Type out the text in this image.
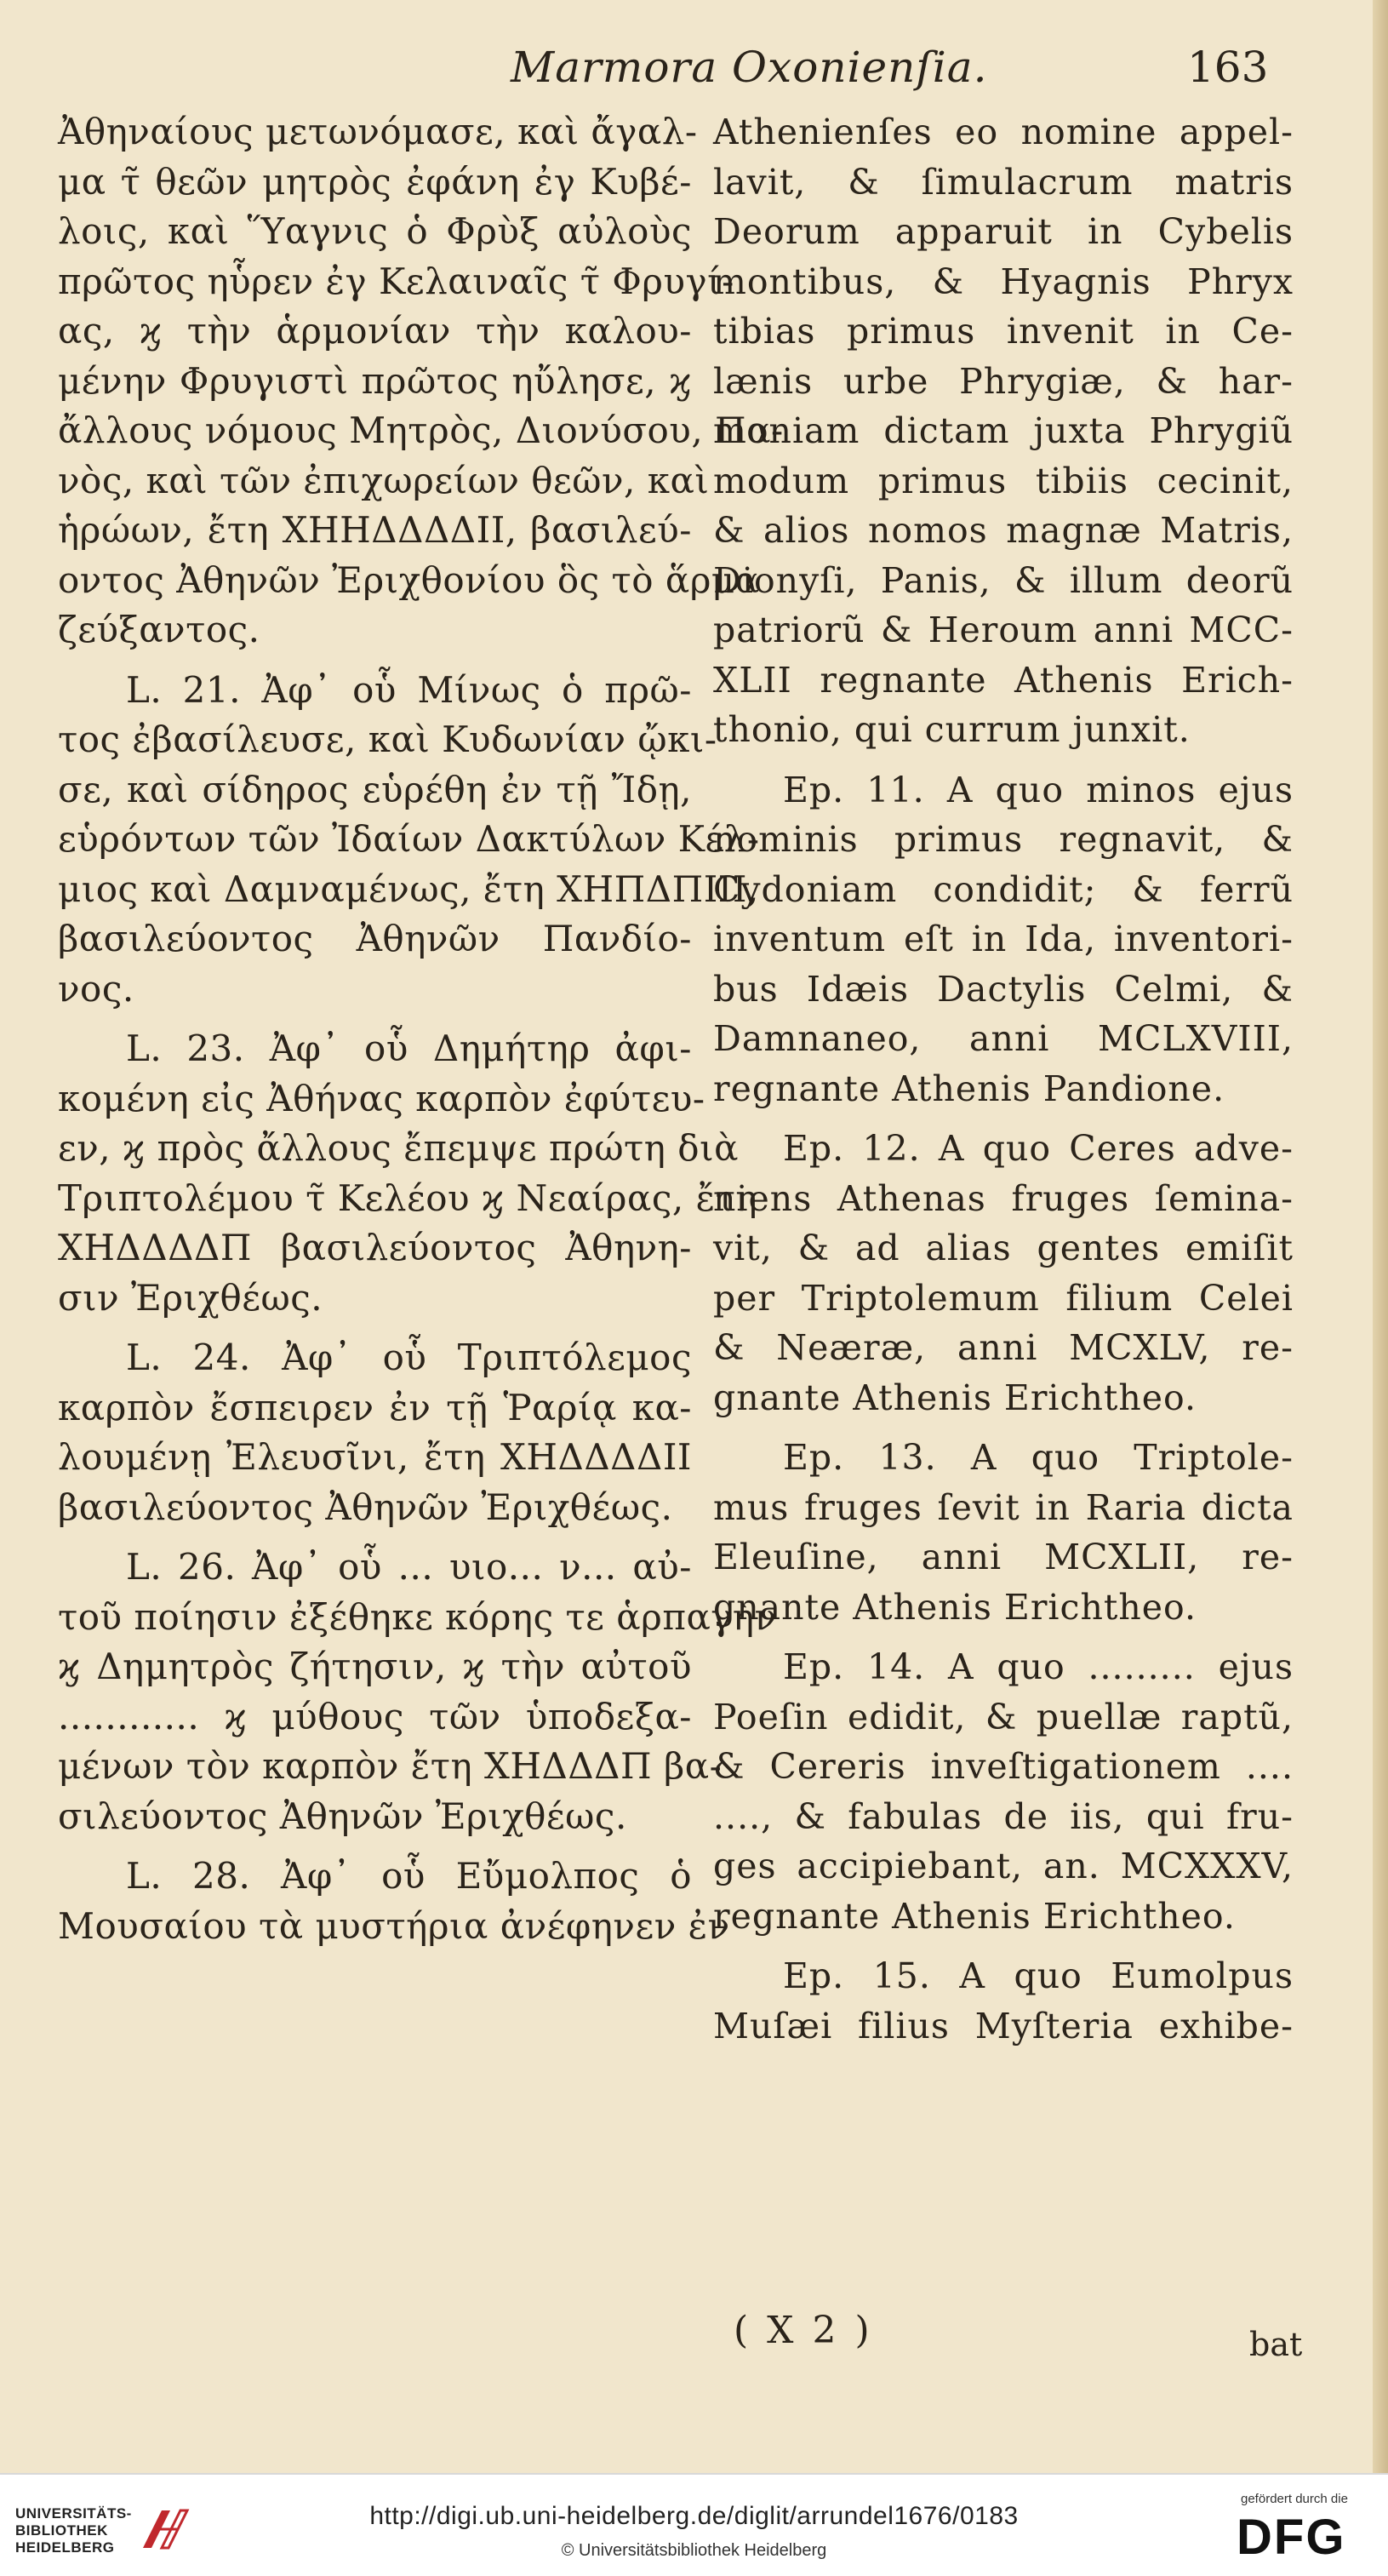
Marmora Oxonienſia.	163
Ἀθηναίους μετωνόμασε, καὶ ἄγαλ-
μα τ̃ θεῶν μητρὸς ἐφάνη ἐγ Κυβέ-
λοις, καὶ Ὕαγνις ὁ Φρὺξ αὐλοὺς
πρῶτος ηὗρεν ἐγ Κελαιναῖς τ̃ Φρυγί-
ας, ϗ τὴν ἁρμονίαν τὴν καλου-
μένην Φρυγιστὶ πρῶτος ηὔλησε, ϗ
ἄλλους νόμους Μητρὸς, Διονύσου, Πα-
νὸς, καὶ τῶν ἐπιχωρείων θεῶν, καὶ
ἡρώων, ἔτη ΧΗΗΔΔΔΔΙΙ, βασιλεύ-
οντος Ἀθηνῶν Ἐριχθονίου ὃς τὸ ἅρμα
ζεύξαντος.
L. 21. Ἀφ᾽ οὗ Μίνως ὁ πρῶ-
τος ἐβασίλευσε, καὶ Κυδωνίαν ᾤκι-
σε, καὶ σίδηρος εὑρέθη ἐν τῇ Ἴδῃ,
εὑρόντων τῶν Ἰδαίων Δακτύλων Κέλ-
μιος καὶ Δαμναμένως, ἔτη ΧΗΠΔΠΙΙΙ,
βασιλεύοντος Ἀθηνῶν Πανδίο-
νος.
L. 23. Ἀφ᾽ οὗ Δημήτηρ ἀφι-
κομένη εἰς Ἀθήνας καρπὸν ἐφύτευ-
εν, ϗ πρὸς ἄλλους ἔπεμψε πρώτη διὰ
Τριπτολέμου τ̃ Κελέου ϗ Νεαίρας, ἔτη
ΧΗΔΔΔΔΠ βασιλεύοντος Ἀθηνη-
σιν Ἐριχθέως.
L. 24. Ἀφ᾽ οὗ Τριπτόλεμος
καρπὸν ἔσπειρεν ἐν τῇ Ῥαρίᾳ κα-
λουμένῃ Ἐλευσῖνι, ἔτη ΧΗΔΔΔΔΙΙ
βασιλεύοντος Ἀθηνῶν Ἐριχθέως.
L. 26. Ἀφ᾽ οὗ ... υιο... ν... αὐ-
τοῦ ποίησιν ἐξέθηκε κόρης τε ἁρπαγὴν
ϗ Δημητρὸς ζήτησιν, ϗ τὴν αὐτοῦ
............ ϗ μύθους τῶν ὑποδεξα-
μένων τὸν καρπὸν ἔτη ΧΗΔΔΔΠ βα-
σιλεύοντος Ἀθηνῶν Ἐριχθέως.
L. 28. Ἀφ᾽ οὗ Εὔμολπος ὁ
Μουσαίου τὰ μυστήρια ἀνέφηνεν ἐν
Athenienſes eo nomine appel-
lavit, & ſimulacrum matris
Deorum apparuit in Cybelis
montibus, & Hyagnis Phryx
tibias primus invenit in Ce-
lænis urbe Phrygiæ, & har-
moniam dictam juxta Phrygiũ
modum primus tibiis cecinit,
& alios nomos magnæ Matris,
Dionyſi, Panis, & illum deorũ
patriorũ & Heroum anni MCC-
XLII regnante Athenis Erich-
thonio, qui currum junxit.
Ep. 11. A quo minos ejus
nominis primus regnavit, &
Cydoniam condidit; & ferrũ
inventum eſt in Ida, inventori-
bus Idæis Dactylis Celmi, &
Damnaneo, anni MCLXVIII,
regnante Athenis Pandione.
Ep. 12. A quo Ceres adve-
niens Athenas fruges ſemina-
vit, & ad alias gentes emiſit
per Triptolemum filium Celei
& Neæræ, anni MCXLV, re-
gnante Athenis Erichtheo.
Ep. 13. A quo Triptole-
mus fruges ſevit in Raria dicta
Eleuſine, anni MCXLII, re-
gnante Athenis Erichtheo.
Ep. 14. A quo ......... ejus
Poeſin edidit, & puellæ raptũ,
& Cereris inveſtigationem ....
...., & fabulas de iis, qui fru-
ges accipiebant, an. MCXXXV,
regnante Athenis Erichtheo.
Ep. 15. A quo Eumolpus
Muſæi filius Myſteria exhibe-
( X 2 )	bat
UNIVERSITÄTS-
BIBLIOTHEK
HEIDELBERG
http://digi.ub.uni-heidelberg.de/diglit/arrundel1676/0183
© Universitätsbibliothek Heidelberg
gefördert durch die
DFG
